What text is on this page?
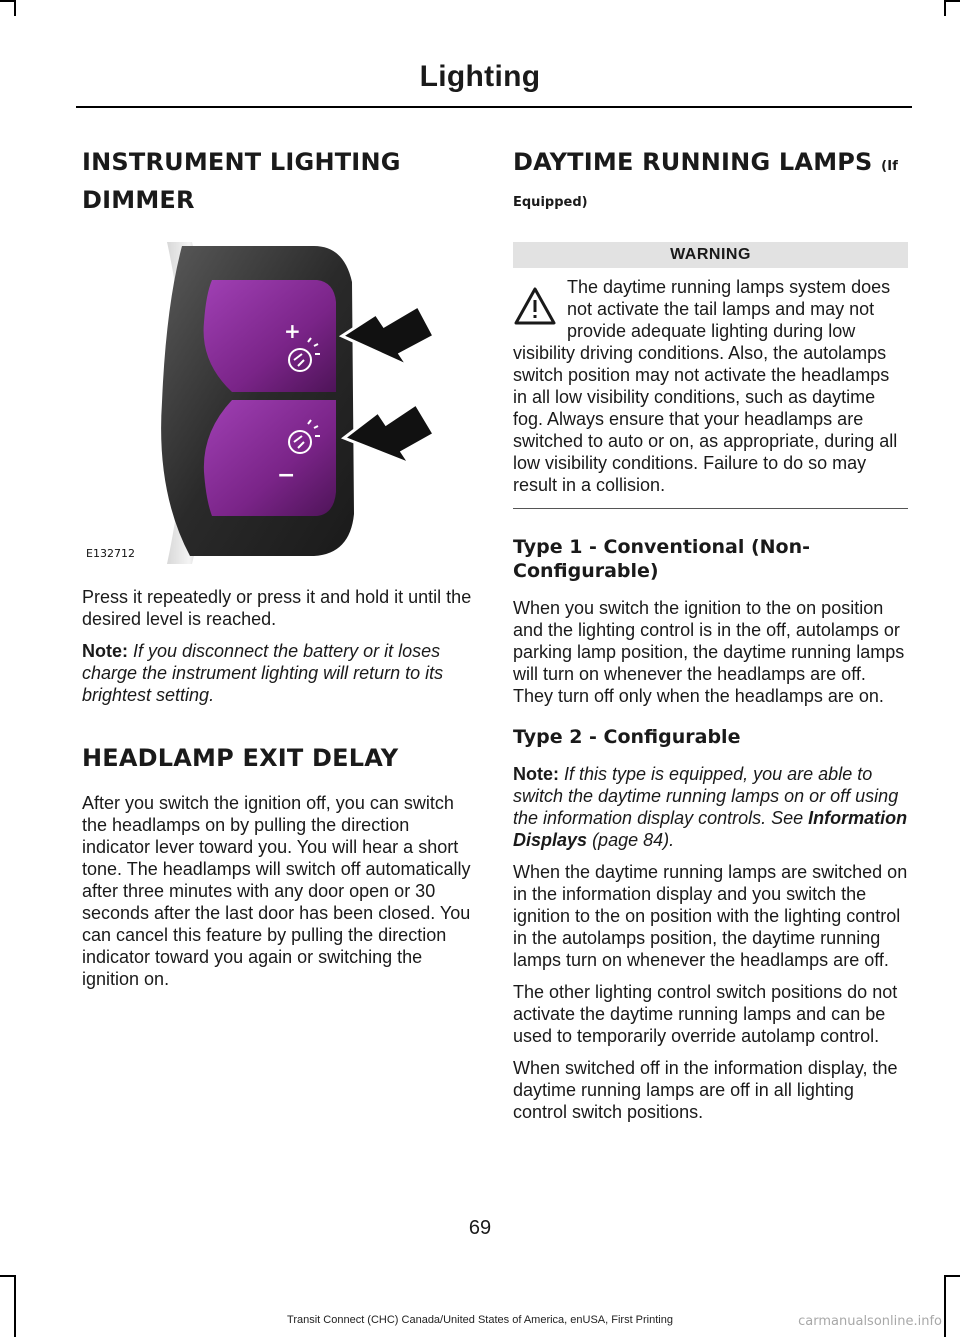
Lighting
INSTRUMENT LIGHTING
DIMMER
+
−
E132712

Press it repeatedly or press it and hold it until the desired level is reached.

Note: If you disconnect the battery or it loses charge the instrument lighting will return to its brightest setting.

HEADLAMP EXIT DELAY

After you switch the ignition off, you can switch the headlamps on by pulling the direction indicator lever toward you. You will hear a short tone. The headlamps will switch off automatically after three minutes with any door open or 30 seconds after the last door has been closed. You can cancel this feature by pulling the direction indicator toward you again or switching the ignition on.

DAYTIME RUNNING LAMPS (If
Equipped)
WARNING

The daytime running lamps system does not activate the tail lamps and may not provide adequate lighting during low visibility driving conditions. Also, the autolamps switch position may not activate the headlamps in all low visibility conditions, such as daytime fog. Always ensure that your headlamps are switched to auto or on, as appropriate, during all low visibility conditions. Failure to do so may result in a collision.

Type 1 - Conventional (Non-Configurable)

When you switch the ignition to the on position and the lighting control is in the off, autolamps or parking lamp position, the daytime running lamps will turn on whenever the headlamps are off. They turn off only when the headlamps are on.

Type 2 - Configurable

Note: If this type is equipped, you are able to switch the daytime running lamps on or off using the information display controls. See Information Displays (page 84).

When the daytime running lamps are switched on in the information display and you switch the ignition to the on position with the lighting control in the autolamps position, the daytime running lamps turn on whenever the headlamps are off.

The other lighting control switch positions do not activate the daytime running lamps and can be used to temporarily override autolamp control.

When switched off in the information display, the daytime running lamps are off in all lighting control switch positions.

69
Transit Connect (CHC) Canada/United States of America, enUSA, First Printing	carmanualsonline.info
